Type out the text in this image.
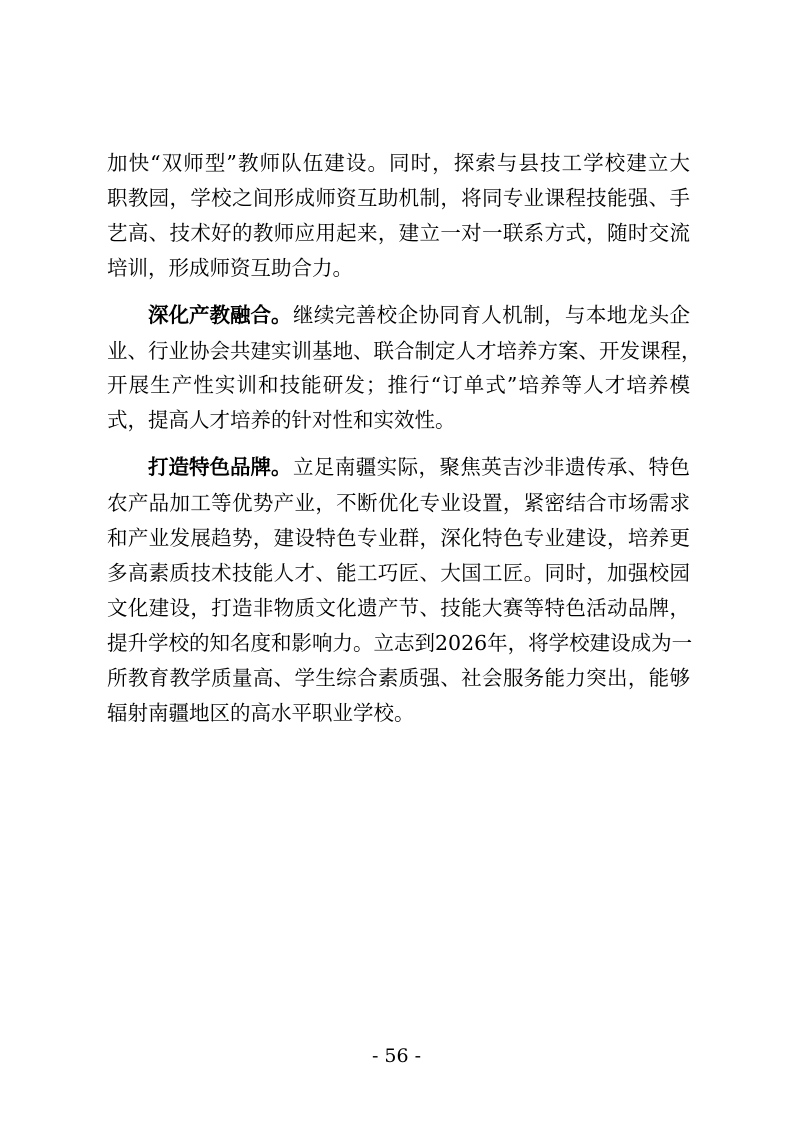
加快“双师型”教师队伍建设。同时，探索与县技工学校建立大
职教园，学校之间形成师资互助机制，将同专业课程技能强、手
艺高、技术好的教师应用起来，建立一对一联系方式，随时交流
培训，形成师资互助合力。
深化产教融合。 继续完善校企协同育人机制，与本地龙头企
业、行业协会共建实训基地、联合制定人才培养方案、开发课程，
开展生产性实训和技能研发；推行“订单式”培养等人才培养模
式，提高人才培养的针对性和实效性。
打造特色品牌。 立足南疆实际，聚焦英吉沙非遗传承、特色
农产品加工等优势产业，不断优化专业设置，紧密结合市场需求
和产业发展趋势，建设特色专业群，深化特色专业建设，培养更
多高素质技术技能人才、能工巧匠、大国工匠。同时，加强校园
文化建设，打造非物质文化遗产节、技能大赛等特色活动品牌，
提升学校的知名度和影响力。立志到2026年，将学校建设成为一
所教育教学质量高、学生综合素质强、社会服务能力突出，能够
辐射南疆地区的高水平职业学校。
- 56 -
